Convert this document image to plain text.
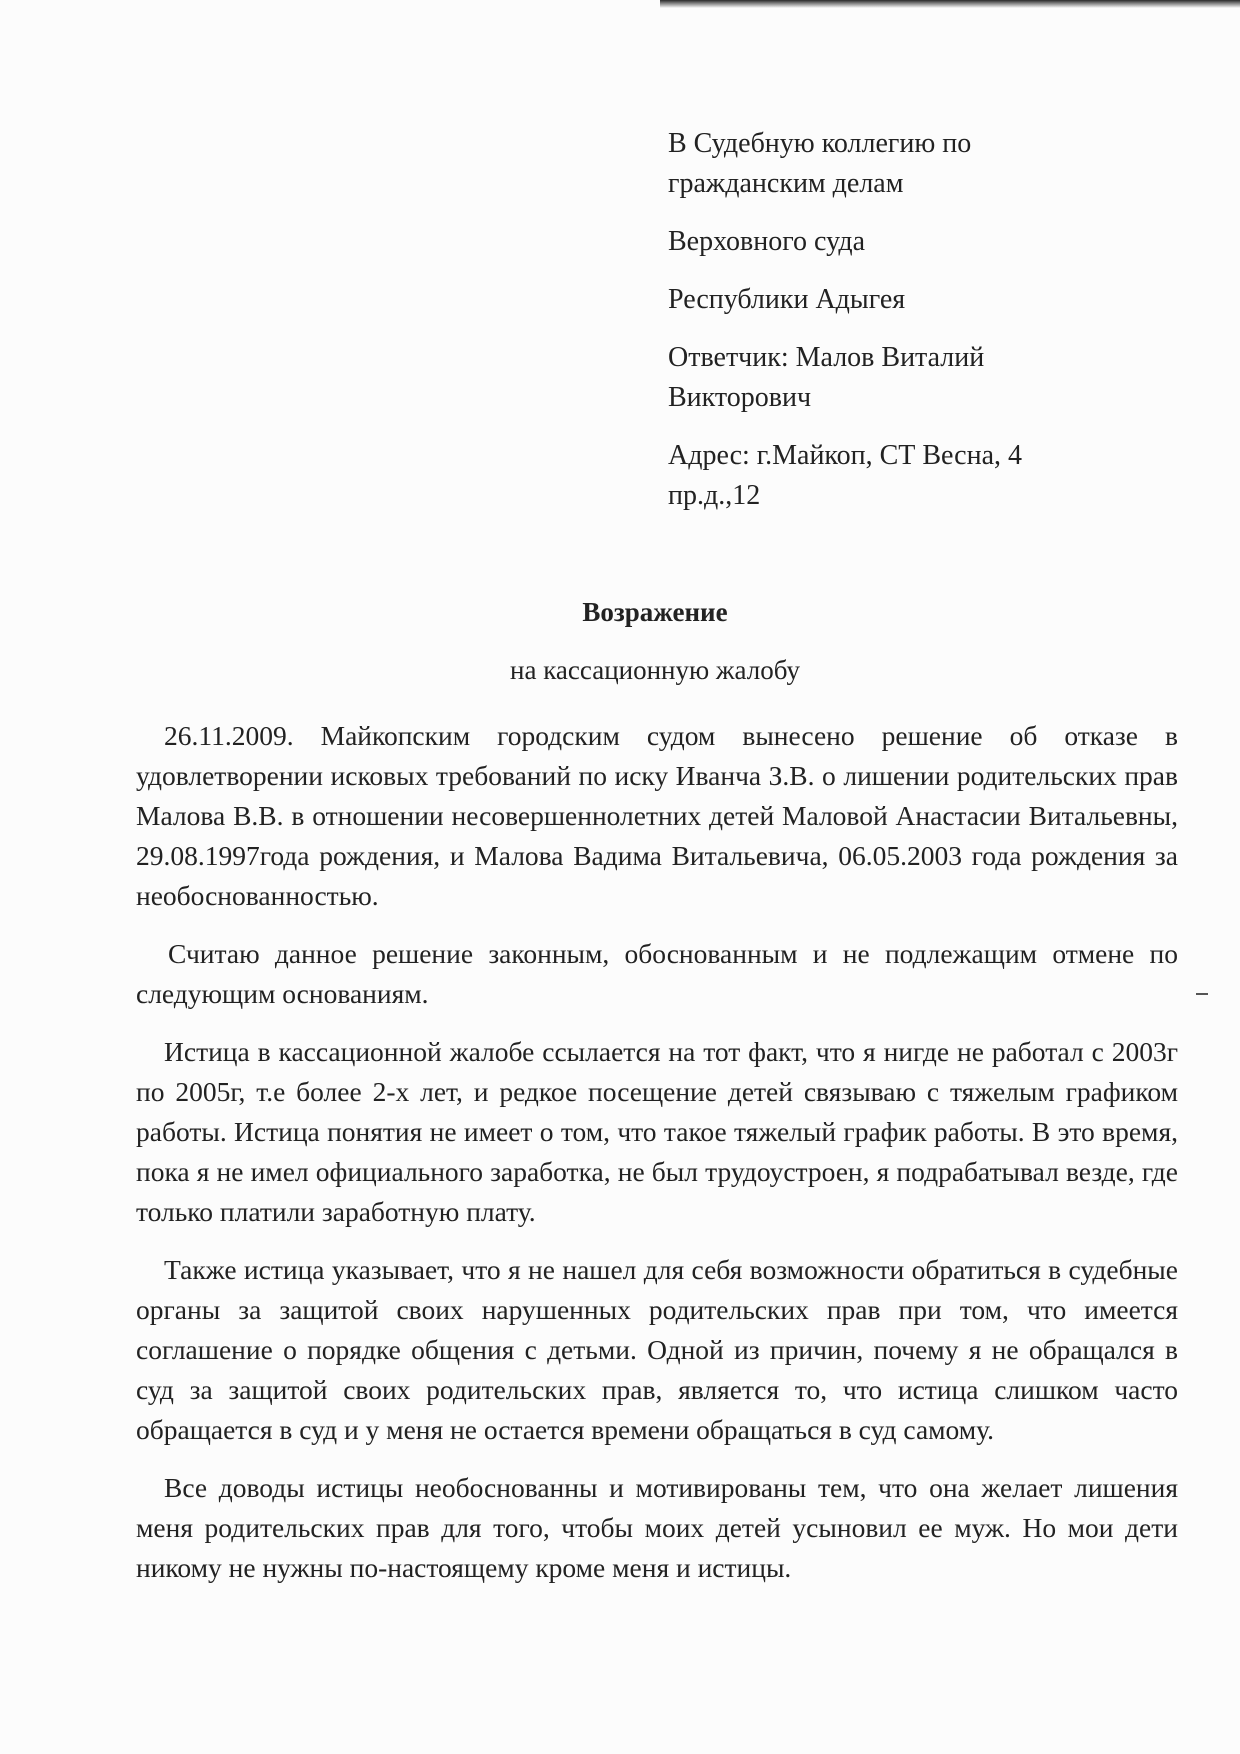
В Судебную коллегию по
гражданским делам
Верховного суда
Республики Адыгея
Ответчик: Малов Виталий
Викторович
Адрес: г.Майкоп, СТ Весна, 4
пр.д.,12

Возражение

на кассационную жалобу

26.11.2009. Майкопским городским судом вынесено решение об отказе в удовлетворении исковых требований по иску Иванча З.В. о лишении родительских прав Малова В.В. в отношении несовершеннолетних детей Маловой Анастасии Витальевны, 29.08.1997года рождения, и Малова Вадима Витальевича, 06.05.2003 года рождения за необоснованностью.

Считаю данное решение законным, обоснованным и не подлежащим отмене по следующим основаниям.

Истица в кассационной жалобе ссылается на тот факт, что я нигде не работал с 2003г по 2005г, т.е более 2-х лет, и редкое посещение детей связываю с тяжелым графиком работы. Истица понятия не имеет о том, что такое тяжелый график работы. В это время, пока я не имел официального заработка, не был трудоустроен, я подрабатывал везде, где только платили заработную плату.

Также истица указывает, что я не нашел для себя возможности обратиться в судебные органы за защитой своих нарушенных родительских прав при том, что имеется соглашение о порядке общения с детьми. Одной из причин, почему я не обращался в суд за защитой своих родительских прав, является то, что истица слишком часто обращается в суд и у меня не остается времени обращаться в суд самому.

Все доводы истицы необоснованны и мотивированы тем, что она желает лишения меня родительских прав для того, чтобы моих детей усыновил ее муж. Но мои дети никому не нужны по-настоящему кроме меня и истицы.
